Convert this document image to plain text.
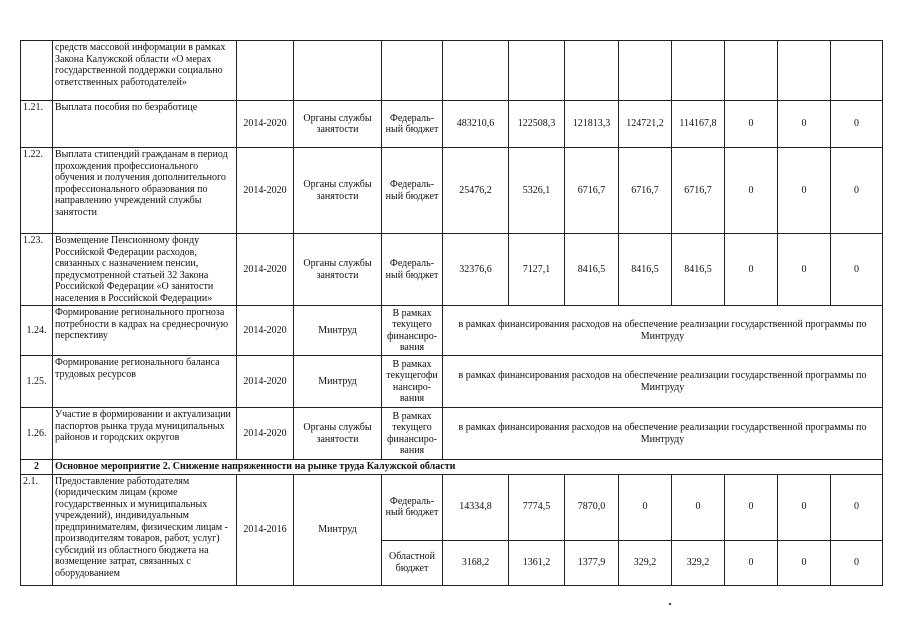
	средств массовой информации в рамках Закона Калужской области «О мерах государственной поддержки социально ответственных работодателей»											
1.21.	Выплата пособия по безработице	2014-2020	Органы службы занятости	Федераль-ный бюджет	483210,6	122508,3	121813,3	124721,2	114167,8	0	0	0
1.22.	Выплата стипендий гражданам в период прохождения профессионального обучения и получения дополнительного профессионального образования по направлению учреждений службы занятости	2014-2020	Органы службы занятости	Федераль-ный бюджет	25476,2	5326,1	6716,7	6716,7	6716,7	0	0	0
1.23.	Возмещение Пенсионному фонду Российской Федерации расходов, связанных с назначением пенсии, предусмотренной статьей 32 Закона Российской Федерации «О занятости населения в Российской Федерации»	2014-2020	Органы службы занятости	Федераль-ный бюджет	32376,6	7127,1	8416,5	8416,5	8416,5	0	0	0
1.24.	Формирование регионального прогноза потребности в кадрах на среднесрочную перспективу	2014-2020	Минтруд	В рамках текущего финансиро-вания	в рамках финансирования расходов на обеспечение реализации государственной программы по Минтруду							
1.25.	Формирование регионального баланса трудовых ресурсов	2014-2020	Минтруд	В рамках текущегофи нансиро-вания	в рамках финансирования расходов на обеспечение реализации государственной программы по Минтруду							
1.26.	Участие в формировании и актуализации паспортов рынка труда муниципальных районов и городских округов	2014-2020	Органы службы занятости	В рамках текущего финансиро-вания	в рамках финансирования расходов на обеспечение реализации государственной программы по Минтруду							
2	Основное мероприятие 2. Снижение напряженности на рынке труда Калужской области											
2.1.	Предоставление работодателям (юридическим лицам (кроме государственных и муниципальных учреждений), индивидуальным предпринимателям, физическим лицам - производителям товаров, работ, услуг) субсидий из областного бюджета на возмещение затрат, связанных с оборудованием	2014-2016	Минтруд	Федераль-ный бюджет	14334,8	7774,5	7870,0	0	0	0	0	0
				Областной бюджет	3168,2	1361,2	1377,9	329,2	329,2	0	0	0
